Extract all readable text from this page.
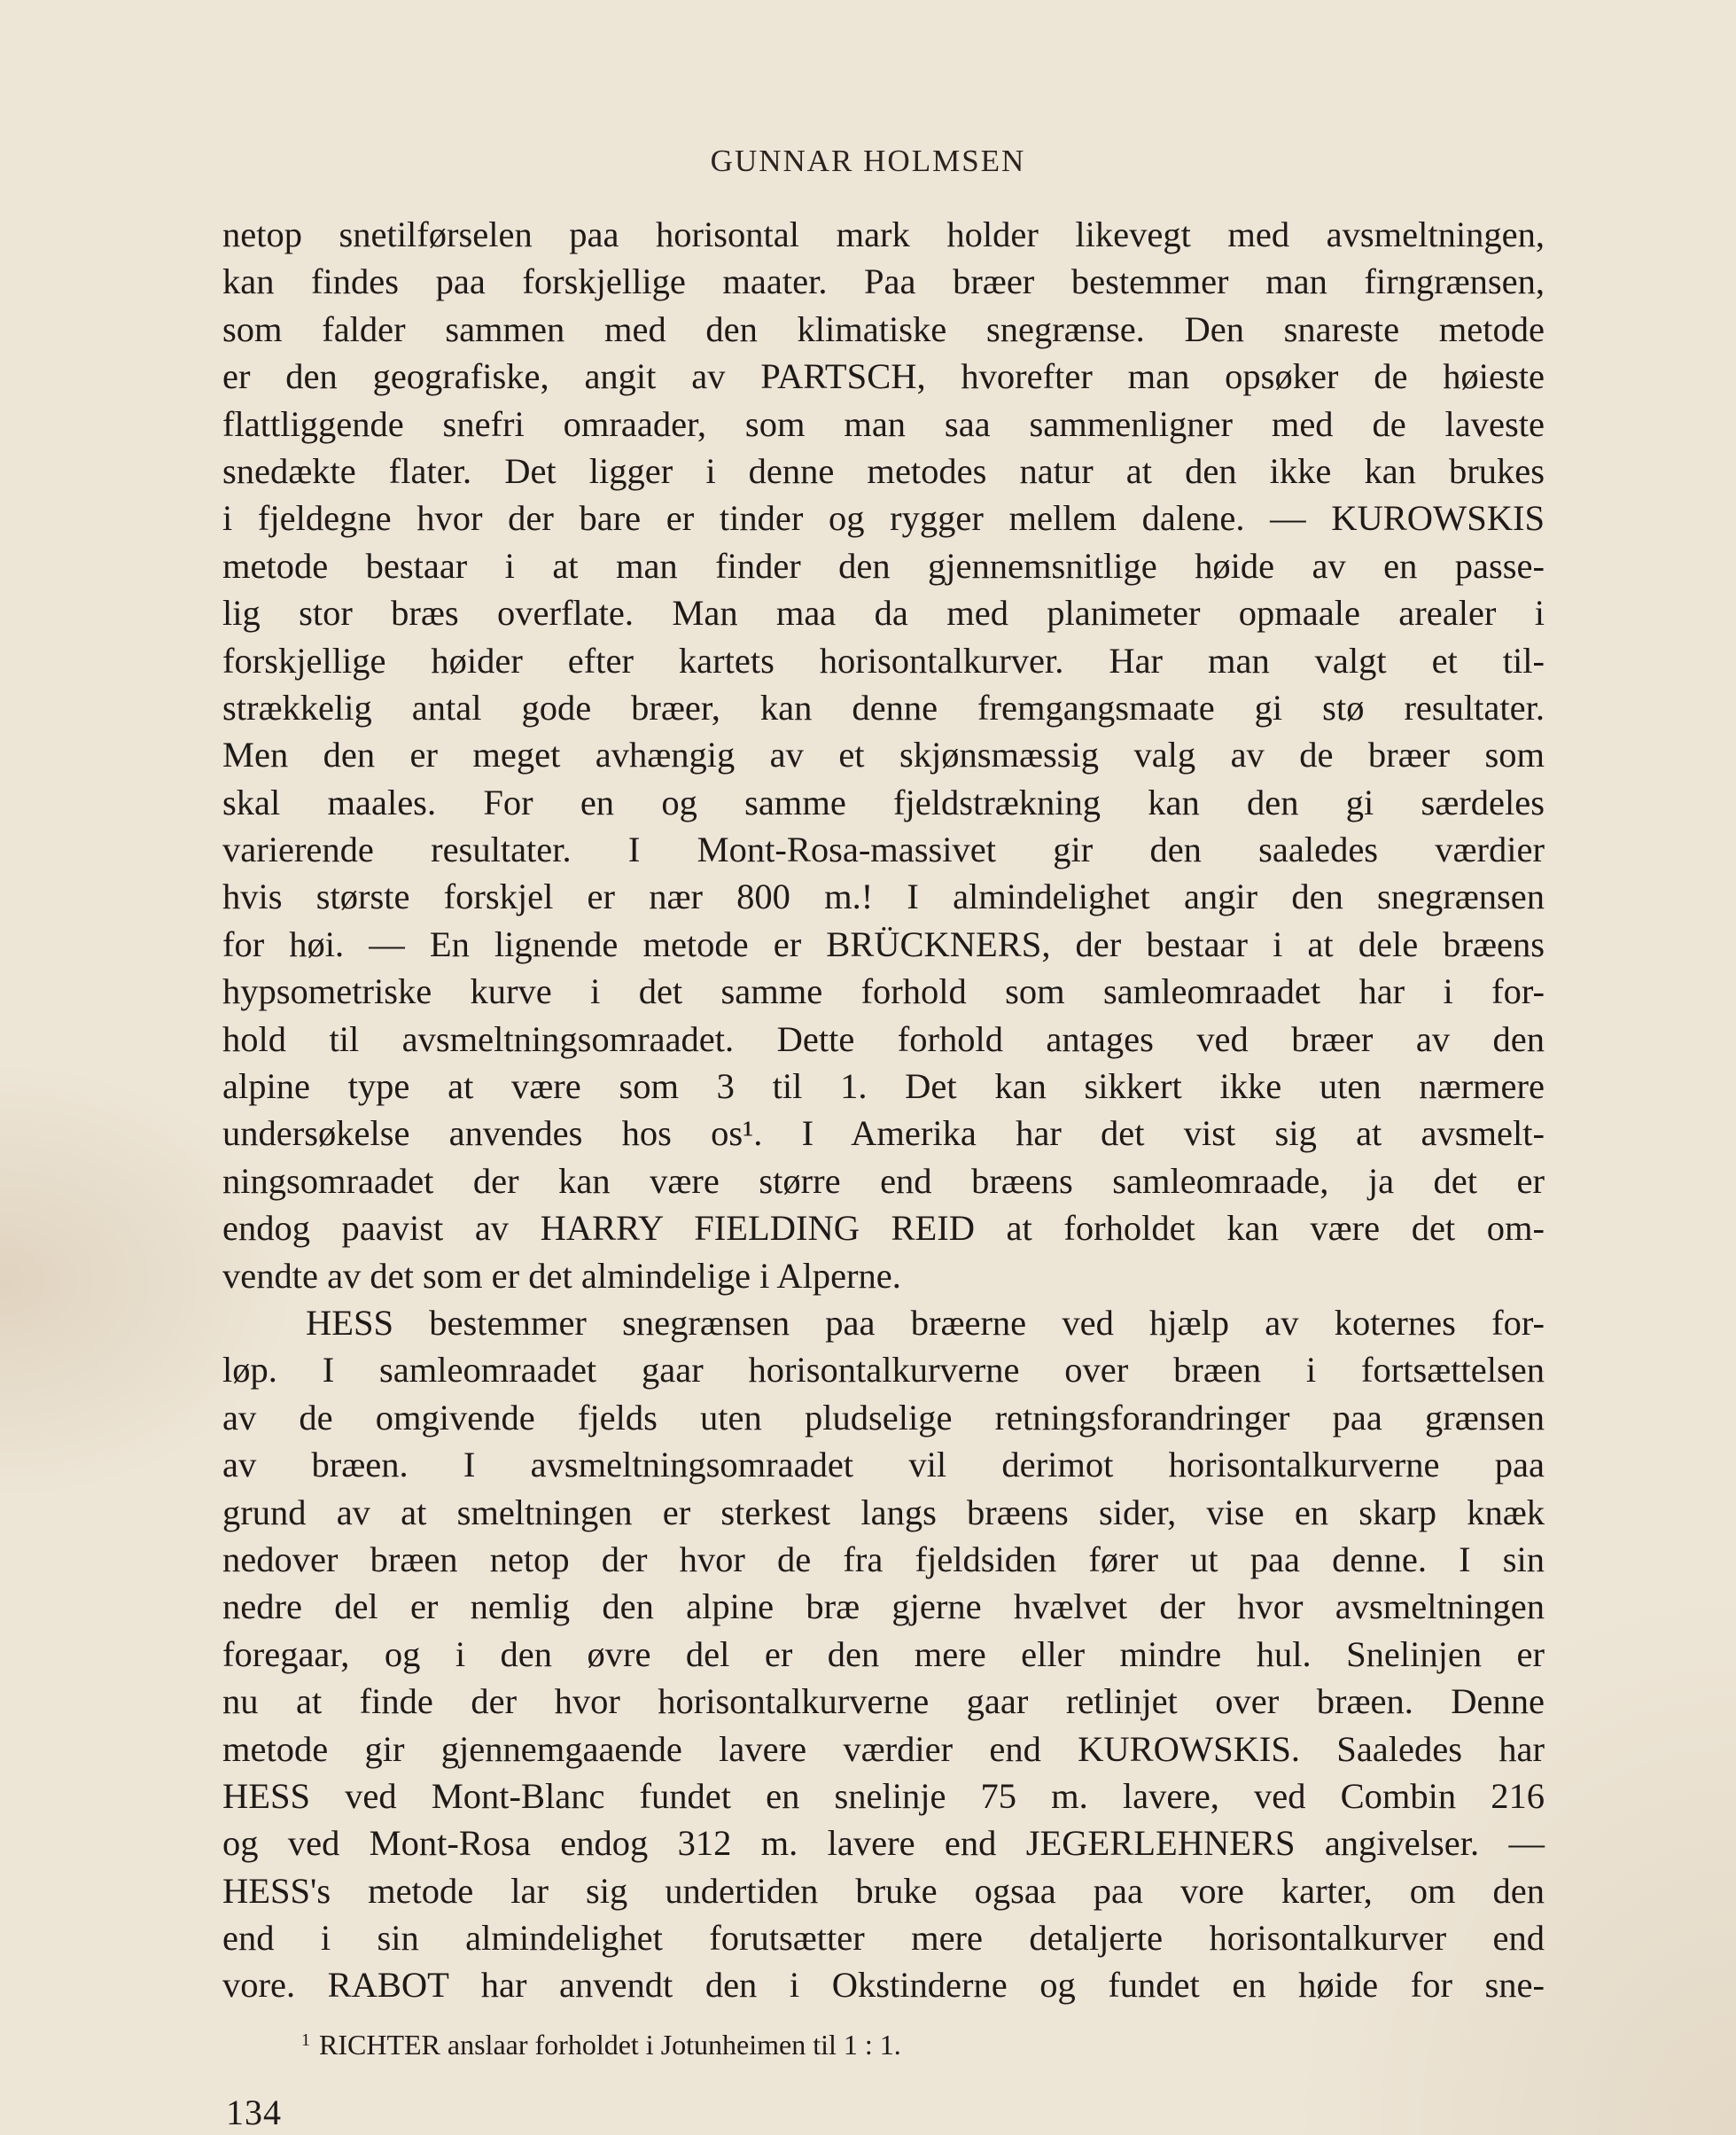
GUNNAR HOLMSEN
netop snetilførselen paa horisontal mark holder likevegt med avsmeltningen,
kan findes paa forskjellige maater. Paa bræer bestemmer man firngrænsen,
som falder sammen med den klimatiske snegrænse. Den snareste metode
er den geografiske, angit av PARTSCH, hvorefter man opsøker de høieste
flattliggende snefri omraader, som man saa sammenligner med de laveste
snedækte flater. Det ligger i denne metodes natur at den ikke kan brukes
i fjeldegne hvor der bare er tinder og rygger mellem dalene. — KUROWSKIS
metode bestaar i at man finder den gjennemsnitlige høide av en passe-
lig stor bræs overflate. Man maa da med planimeter opmaale arealer i
forskjellige høider efter kartets horisontalkurver. Har man valgt et til-
strækkelig antal gode bræer, kan denne fremgangsmaate gi stø resultater.
Men den er meget avhængig av et skjønsmæssig valg av de bræer som
skal maales. For en og samme fjeldstrækning kan den gi særdeles
varierende resultater. I Mont-Rosa-massivet gir den saaledes værdier
hvis største forskjel er nær 800 m.! I almindelighet angir den snegrænsen
for høi. — En lignende metode er BRÜCKNERS, der bestaar i at dele bræens
hypsometriske kurve i det samme forhold som samleomraadet har i for-
hold til avsmeltningsomraadet. Dette forhold antages ved bræer av den
alpine type at være som 3 til 1. Det kan sikkert ikke uten nærmere
undersøkelse anvendes hos os¹. I Amerika har det vist sig at avsmelt-
ningsomraadet der kan være større end bræens samleomraade, ja det er
endog paavist av HARRY FIELDING REID at forholdet kan være det om-
vendte av det som er det almindelige i Alperne.
HESS bestemmer snegrænsen paa bræerne ved hjælp av koternes for-
løp. I samleomraadet gaar horisontalkurverne over bræen i fortsættelsen
av de omgivende fjelds uten pludselige retningsforandringer paa grænsen
av bræen. I avsmeltningsomraadet vil derimot horisontalkurverne paa
grund av at smeltningen er sterkest langs bræens sider, vise en skarp knæk
nedover bræen netop der hvor de fra fjeldsiden fører ut paa denne. I sin
nedre del er nemlig den alpine bræ gjerne hvælvet der hvor avsmeltningen
foregaar, og i den øvre del er den mere eller mindre hul. Snelinjen er
nu at finde der hvor horisontalkurverne gaar retlinjet over bræen. Denne
metode gir gjennemgaaende lavere værdier end KUROWSKIS. Saaledes har
HESS ved Mont-Blanc fundet en snelinje 75 m. lavere, ved Combin 216
og ved Mont-Rosa endog 312 m. lavere end JEGERLEHNERS angivelser. —
HESS's metode lar sig undertiden bruke ogsaa paa vore karter, om den
end i sin almindelighet forutsætter mere detaljerte horisontalkurver end
vore. RABOT har anvendt den i Okstinderne og fundet en høide for sne-
$^1$ RICHTER anslaar forholdet i Jotunheimen til 1 : 1.
134
